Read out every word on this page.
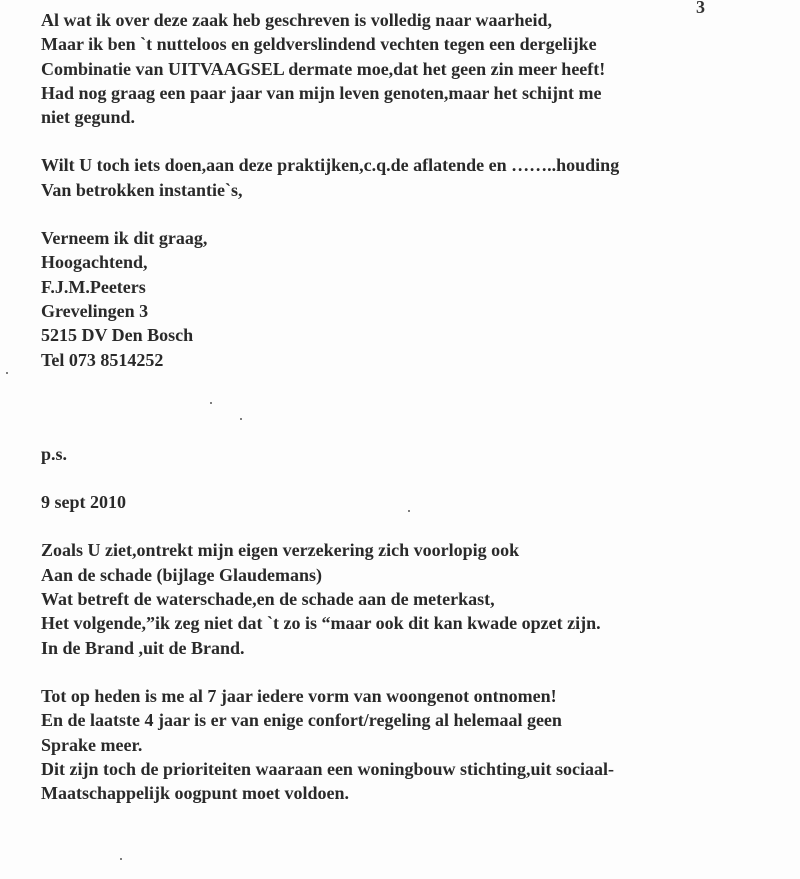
3
Al wat ik over deze zaak heb geschreven is volledig naar waarheid,
Maar ik ben `t nutteloos en geldverslindend vechten tegen een dergelijke
Combinatie van UITVAAGSEL dermate moe,dat het geen zin meer heeft!
Had nog graag een paar jaar van mijn leven genoten,maar het schijnt me
niet gegund.
Wilt U toch iets doen,aan deze praktijken,c.q.de aflatende en ……..houding
Van betrokken instantie`s,
Verneem ik dit graag,
Hoogachtend,
F.J.M.Peeters
Grevelingen 3
5215 DV Den Bosch
Tel 073 8514252
p.s.
9 sept 2010
Zoals U ziet,ontrekt mijn eigen verzekering zich voorlopig ook
Aan de schade (bijlage Glaudemans)
Wat betreft de waterschade,en de schade aan de meterkast,
Het volgende,”ik zeg niet dat `t zo is “maar ook dit kan kwade opzet zijn.
In de Brand ,uit de Brand.
Tot op heden is me al 7 jaar iedere vorm van woongenot ontnomen!
En de laatste 4 jaar is er van enige confort/regeling al helemaal geen
Sprake meer.
Dit zijn toch de prioriteiten waaraan een woningbouw stichting,uit sociaal-
Maatschappelijk oogpunt moet voldoen.
